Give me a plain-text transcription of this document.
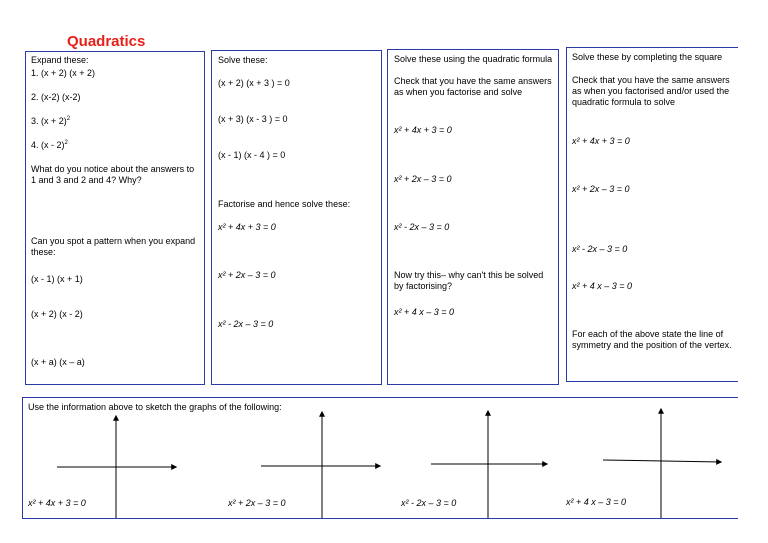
Quadratics
Expand these:
1. (x + 2) (x + 2)
2. (x-2) (x-2)
3. $(x + 2)^2$
4. (x - 2)$^2$
What do you notice about the answers to 1 and 3 and 2 and 4? Why?
Can you spot a pattern when you expand these:
(x - 1) (x + 1)
(x + 2) (x - 2)
(x + a) (x – a)
Solve these:
(x + 2) (x + 3 ) = 0
(x + 3) (x - 3 ) = 0
(x - 1) (x - 4 ) = 0
Factorise and hence solve these:
x² + 4x + 3 = 0
x² + 2x – 3 = 0
x² - 2x – 3 = 0
Solve these using the quadratic formula
Check that you have the same answers as when you factorise and solve
x² + 4x + 3 = 0
x² + 2x – 3 = 0
x² - 2x – 3 = 0
Now try this– why can't this be solved by factorising?
x² + 4 x – 3 = 0
Solve these by completing the square
Check that you have the same answers as when you factorised and/or used the quadratic formula to solve
x² + 4x + 3 = 0
x² + 2x – 3 = 0
x² - 2x – 3 = 0
x² + 4 x – 3 = 0
For each of the above state the line of symmetry and the position of the vertex.
Use the information above to sketch the graphs of the following:
x² + 4x + 3 = 0	x² + 2x – 3 = 0	x² - 2x – 3 = 0	x² + 4 x – 3 = 0
